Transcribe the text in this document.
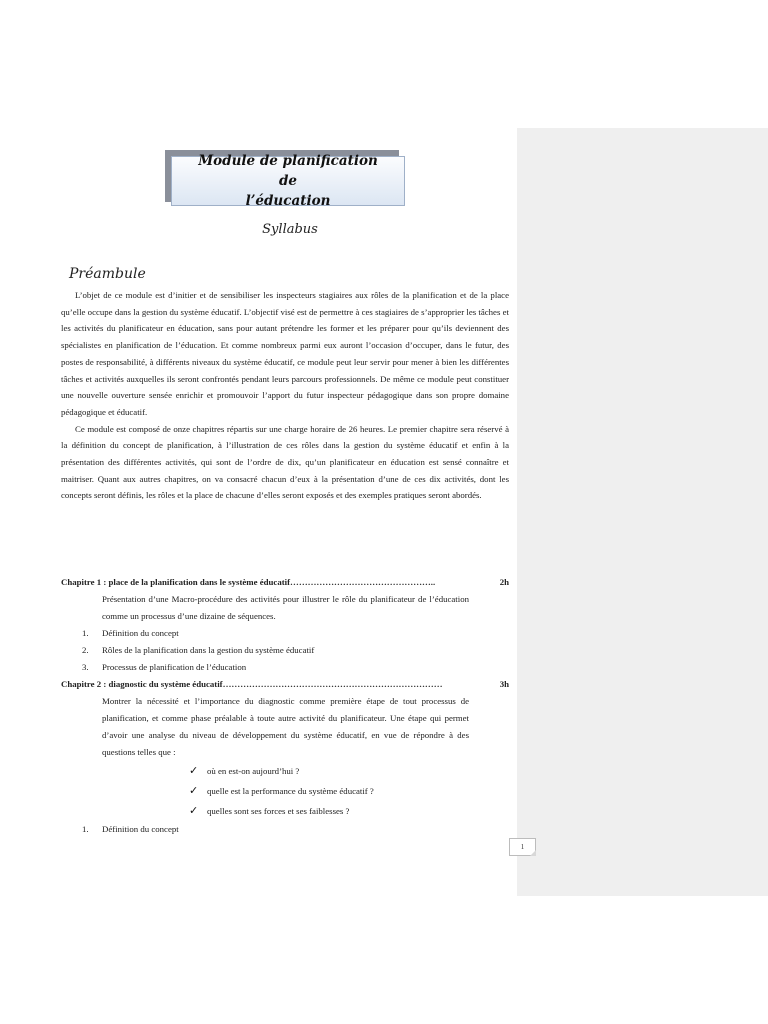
Module de planification de
l’éducation
Syllabus
Préambule

L’objet de ce module est d’initier et de sensibiliser les inspecteurs stagiaires aux rôles de la planification et de la place qu’elle occupe dans la gestion du système éducatif. L’objectif visé est de permettre à ces stagiaires de s’approprier les tâches et les activités du planificateur en éducation, sans pour autant prétendre les former et les préparer pour qu’ils deviennent des spécialistes en planification de l’éducation. Et comme nombreux parmi eux auront l’occasion d’occuper, dans le futur, des postes de responsabilité, à différents niveaux du système éducatif, ce module peut leur servir pour mener à bien les différentes tâches et activités auxquelles ils seront confrontés pendant leurs parcours professionnels. De même ce module peut constituer une nouvelle ouverture sensée enrichir et promouvoir l’apport du futur inspecteur pédagogique dans son propre domaine pédagogique et éducatif.

Ce module est composé de onze chapitres répartis sur une charge horaire de 26 heures. Le premier chapitre sera réservé à la définition du concept de planification, à l’illustration de ces rôles dans la gestion du système éducatif et enfin à la présentation des différentes activités, qui sont de l’ordre de dix, qu’un planificateur en éducation est sensé connaître et maitriser. Quant aux autres chapitres, on va consacré chacun d’eux à la présentation d’une de ces dix activités, dont les concepts seront définis, les rôles et la place de chacune d’elles seront exposés et des exemples pratiques seront abordés.

Chapitre 1 : place de la planification dans le système éducatif…………………………………………..	2h
Présentation d’une Macro-procédure des activités pour illustrer le rôle du planificateur de l’éducation comme un processus d’une dizaine de séquences.
1.	Définition du concept
2.	Rôles de la planification dans la gestion du système éducatif
3.	Processus de planification de l’éducation
Chapitre 2 : diagnostic du système éducatif…………………………………………………………………	3h
Montrer la nécessité et l’importance du diagnostic comme première étape de tout processus de planification, et comme phase préalable à toute autre activité du planificateur. Une étape qui permet d’avoir une analyse du niveau de développement du système éducatif, en vue de répondre à des questions telles que :
✓ où en est-on aujourd’hui ?
✓ quelle est la performance du système éducatif ?
✓ quelles sont ses forces et ses faiblesses ?
1.	Définition du concept
1
